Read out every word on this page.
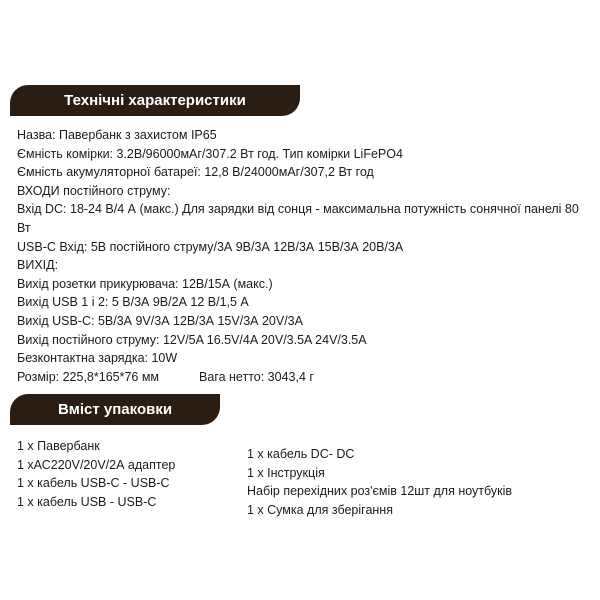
Технічні характеристики
Назва: Павербанк з захистом IP65
Ємність комірки: 3.2В/96000мАг/307.2 Вт год. Тип комірки LiFePO4
Ємність акумуляторної батареї: 12,8 В/24000мАг/307,2 Вт год
ВХОДИ постійного струму:
Вхід DC: 18-24 В/4 А (макс.) Для зарядки від сонця - максимальна потужність сонячної панелі 80 Вт
USB-C Вхід: 5В постійного струму/3А 9В/3А 12В/3А 15В/3А 20В/3А
ВИХІД:
Вихід розетки прикурювача: 12В/15А (макс.)
Вихід USB 1 і 2: 5 В/3А 9В/2А 12 В/1,5 А
Вихід USB-C: 5В/3А 9V/3А 12В/3А 15V/3А 20V/3А
Вихід постійного струму: 12V/5A 16.5V/4A 20V/3.5A 24V/3.5A
Безконтактна зарядка: 10W
Розмір: 225,8*165*76 мм	Вага нетто: 3043,4 г
Вміст упаковки
1 х Павербанк
1 хАС220V/20V/2А адаптер
1 х кабель USB-C - USB-C
1 х кабель USB - USB-C
1 х кабель DC- DC
1 х Інструкція
Набір перехідних роз'ємів 12шт для ноутбуків
1 х Сумка для зберігання
